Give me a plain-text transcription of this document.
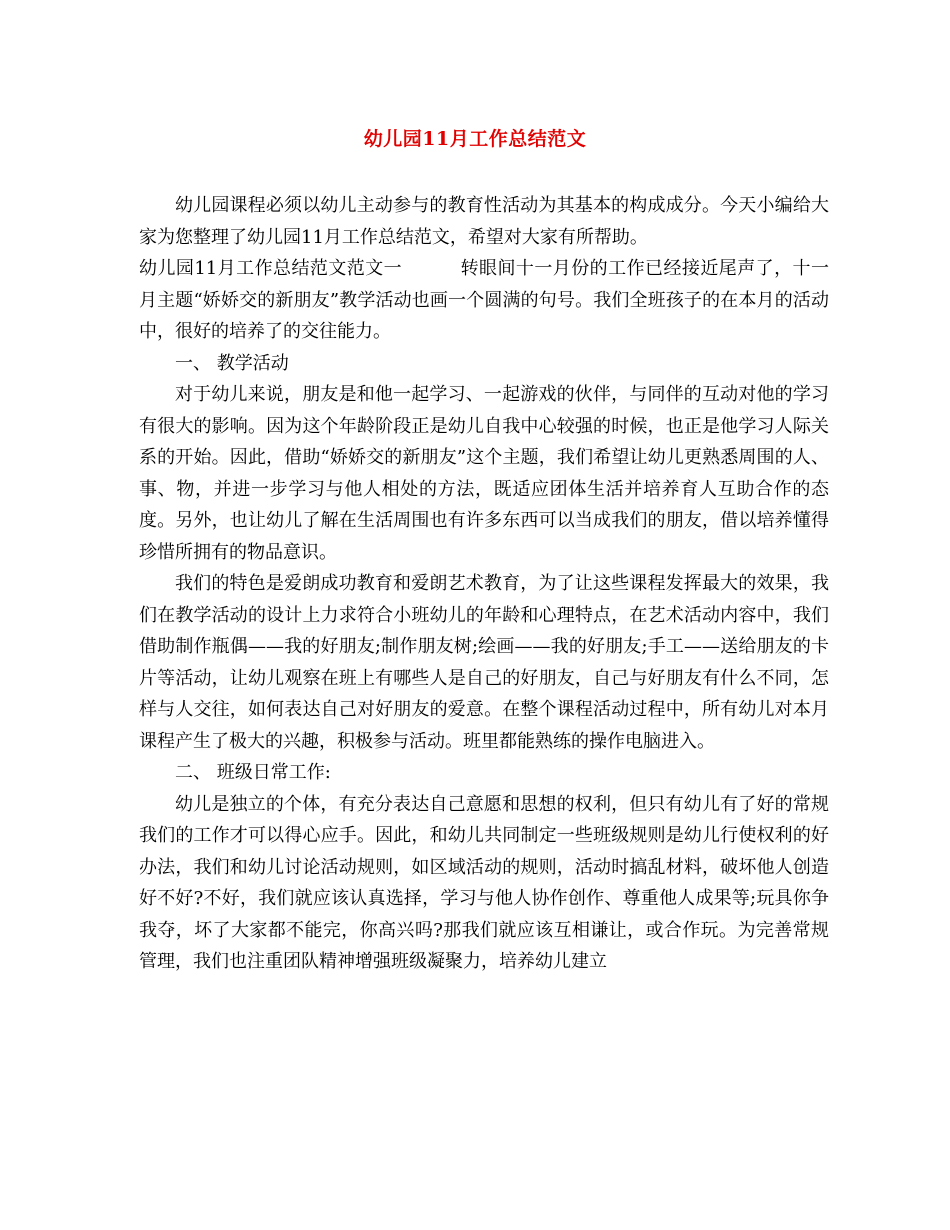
幼儿园11月工作总结范文

幼儿园课程必须以幼儿主动参与的教育性活动为其基本的构成成分。今天小编给大家为您整理了幼儿园11月工作总结范文，希望对大家有所帮助。

幼儿园11月工作总结范文范文一	转眼间十一月份的工作已经接近尾声了，十一月主题“娇娇交的新朋友”教学活动也画一个圆满的句号。我们全班孩子的在本月的活动中，很好的培养了的交往能力。

一、 教学活动

对于幼儿来说，朋友是和他一起学习、一起游戏的伙伴，与同伴的互动对他的学习有很大的影响。因为这个年龄阶段正是幼儿自我中心较强的时候，也正是他学习人际关系的开始。因此，借助“娇娇交的新朋友”这个主题，我们希望让幼儿更熟悉周围的人、事、物，并进一步学习与他人相处的方法，既适应团体生活并培养育人互助合作的态度。另外，也让幼儿了解在生活周围也有许多东西可以当成我们的朋友，借以培养懂得珍惜所拥有的物品意识。

我们的特色是爱朗成功教育和爱朗艺术教育，为了让这些课程发挥最大的效果，我们在教学活动的设计上力求符合小班幼儿的年龄和心理特点，在艺术活动内容中，我们借助制作瓶偶——我的好朋友;制作朋友树;绘画——我的好朋友;手工——送给朋友的卡片等活动，让幼儿观察在班上有哪些人是自己的好朋友，自己与好朋友有什么不同，怎样与人交往，如何表达自己对好朋友的爱意。在整个课程活动过程中，所有幼儿对本月课程产生了极大的兴趣，积极参与活动。班里都能熟练的操作电脑进入。

二、 班级日常工作:

幼儿是独立的个体，有充分表达自己意愿和思想的权利，但只有幼儿有了好的常规我们的工作才可以得心应手。因此，和幼儿共同制定一些班级规则是幼儿行使权利的好办法，我们和幼儿讨论活动规则，如区域活动的规则，活动时搞乱材料，破坏他人创造好不好?不好，我们就应该认真选择，学习与他人协作创作、尊重他人成果等;玩具你争我夺，坏了大家都不能完，你高兴吗?那我们就应该互相谦让，或合作玩。为完善常规管理，我们也注重团队精神增强班级凝聚力，培养幼儿建立
